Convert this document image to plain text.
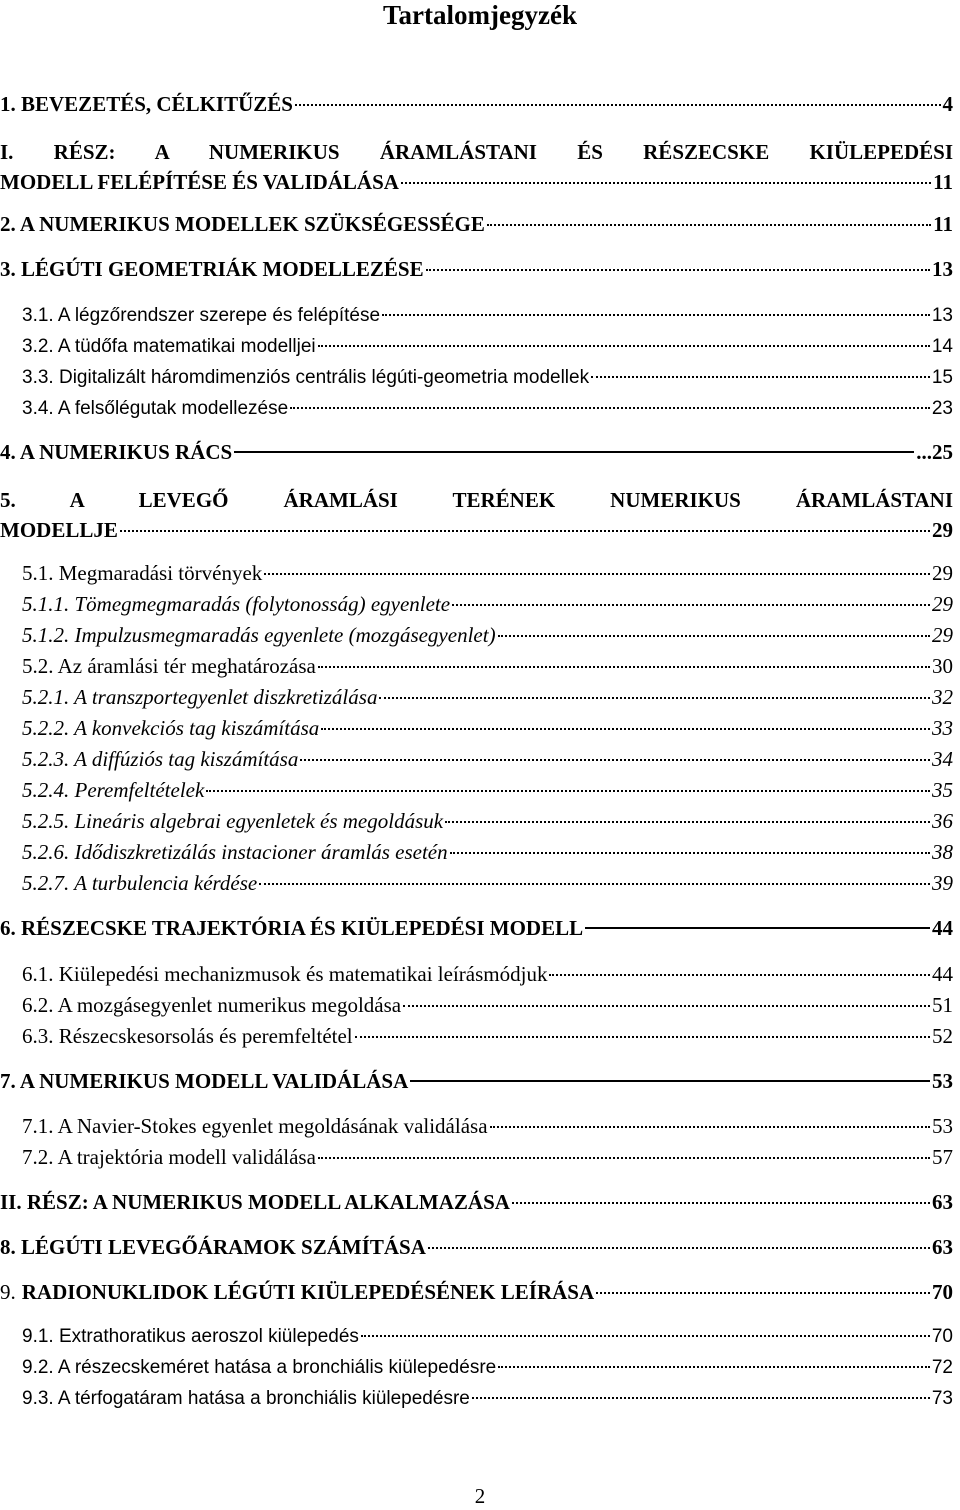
Tartalomjegyzék
1. BEVEZETÉS, CÉLKITŰZÉS	4
I. RÉSZ: A NUMERIKUS ÁRAMLÁSTANI ÉS RÉSZECSKE KIÜLEPEDÉSI
MODELL FELÉPÍTÉSE ÉS VALIDÁLÁSA	11
2. A NUMERIKUS MODELLEK SZÜKSÉGESSÉGE	11
3. LÉGÚTI GEOMETRIÁK MODELLEZÉSE	13
3.1. A légzőrendszer szerepe és felépítése	13
3.2. A tüdőfa matematikai modelljei	14
3.3. Digitalizált háromdimenziós centrális légúti-geometria modellek	15
3.4. A felsőlégutak modellezése	23
4. A NUMERIKUS RÁCS	...25
5. A LEVEGŐ ÁRAMLÁSI TERÉNEK NUMERIKUS ÁRAMLÁSTANI
MODELLJE	29
5.1. Megmaradási törvények	29
5.1.1. Tömegmegmaradás (folytonosság) egyenlete	29
5.1.2. Impulzusmegmaradás egyenlete (mozgásegyenlet)	29
5.2. Az áramlási tér meghatározása	30
5.2.1. A transzportegyenlet diszkretizálása	32
5.2.2. A konvekciós tag kiszámítása	33
5.2.3. A diffúziós tag kiszámítása	34
5.2.4. Peremfeltételek	35
5.2.5. Lineáris algebrai egyenletek és megoldásuk	36
5.2.6. Idődiszkretizálás instacioner áramlás esetén	38
5.2.7. A turbulencia kérdése	39
6. RÉSZECSKE TRAJEKTÓRIA ÉS KIÜLEPEDÉSI MODELL	44
6.1. Kiülepedési mechanizmusok és matematikai leírásmódjuk	44
6.2. A mozgásegyenlet numerikus megoldása	51
6.3. Részecskesorsolás és peremfeltétel	52
7. A NUMERIKUS MODELL VALIDÁLÁSA	53
7.1. A Navier-Stokes egyenlet megoldásának validálása	53
7.2. A trajektória modell validálása	57
II. RÉSZ: A NUMERIKUS MODELL ALKALMAZÁSA	63
8. LÉGÚTI LEVEGŐÁRAMOK SZÁMÍTÁSA	63
9. RADIONUKLIDOK LÉGÚTI KIÜLEPEDÉSÉNEK LEÍRÁSA	70
9.1. Extrathoratikus aeroszol kiülepedés	70
9.2. A részecskeméret hatása a bronchiális kiülepedésre	72
9.3. A térfogatáram hatása a bronchiális kiülepedésre	73
2
